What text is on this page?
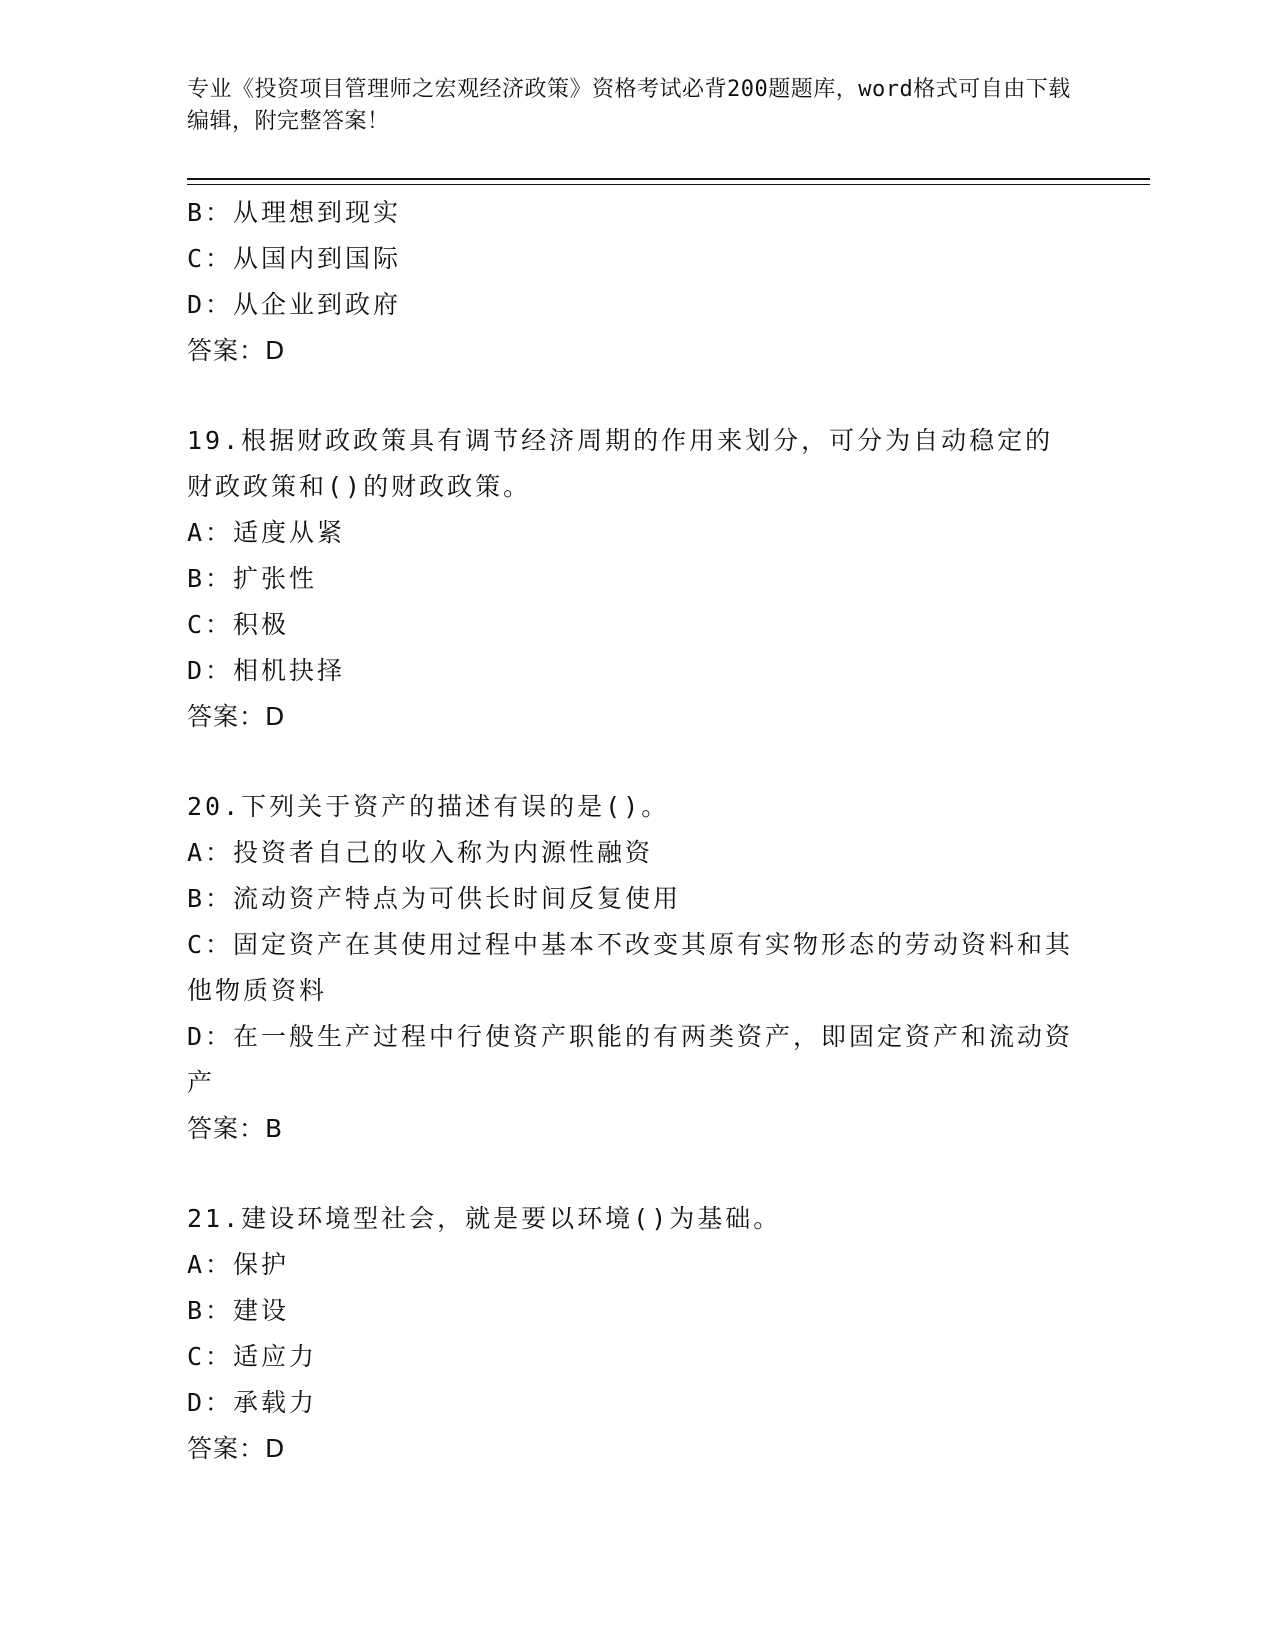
专业《投资项目管理师之宏观经济政策》资格考试必背200题题库，word格式可自由下载编辑，附完整答案！
B：从理想到现实
C：从国内到国际
D：从企业到政府
答案：D
19.根据财政政策具有调节经济周期的作用来划分，可分为自动稳定的财政政策和()的财政政策。
A：适度从紧
B：扩张性
C：积极
D：相机抉择
答案：D
20.下列关于资产的描述有误的是()。
A：投资者自己的收入称为内源性融资
B：流动资产特点为可供长时间反复使用
C：固定资产在其使用过程中基本不改变其原有实物形态的劳动资料和其他物质资料
D：在一般生产过程中行使资产职能的有两类资产，即固定资产和流动资产
答案：B
21.建设环境型社会，就是要以环境()为基础。
A：保护
B：建设
C：适应力
D：承载力
答案：D
